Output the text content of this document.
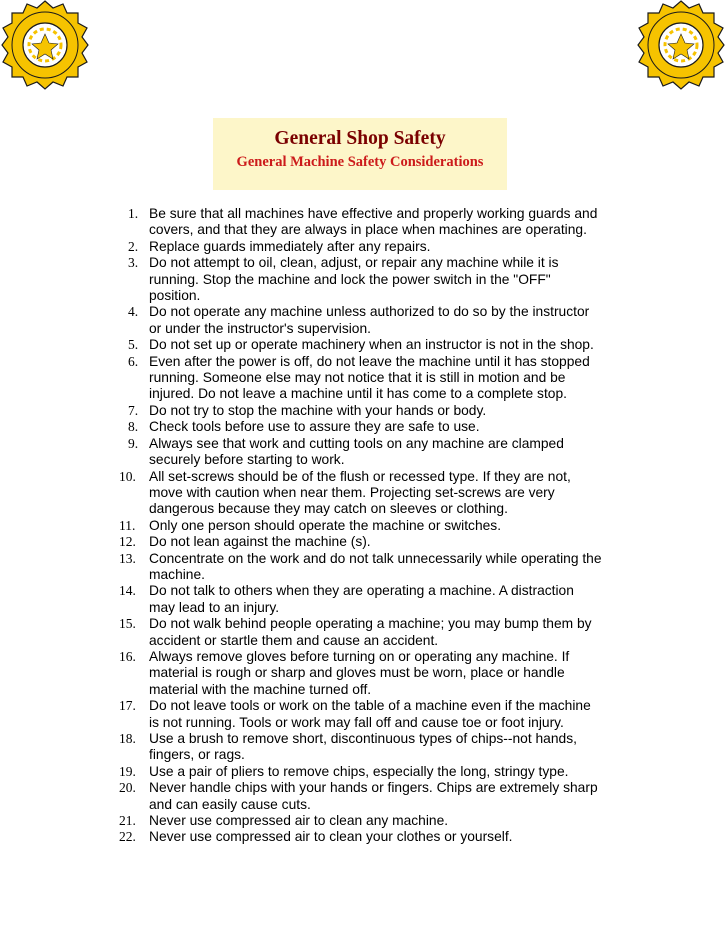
General Shop Safety
General Machine Safety Considerations
1. Be sure that all machines have effective and properly working guards and
covers, and that they are always in place when machines are operating.
2. Replace guards immediately after any repairs.
3. Do not attempt to oil, clean, adjust, or repair any machine while it is
running. Stop the machine and lock the power switch in the "OFF"
position.
4. Do not operate any machine unless authorized to do so by the instructor
or under the instructor's supervision.
5. Do not set up or operate machinery when an instructor is not in the shop.
6. Even after the power is off, do not leave the machine until it has stopped
running. Someone else may not notice that it is still in motion and be
injured. Do not leave a machine until it has come to a complete stop.
7. Do not try to stop the machine with your hands or body.
8. Check tools before use to assure they are safe to use.
9. Always see that work and cutting tools on any machine are clamped
securely before starting to work.
10. All set-screws should be of the flush or recessed type. If they are not,
move with caution when near them. Projecting set-screws are very
dangerous because they may catch on sleeves or clothing.
11. Only one person should operate the machine or switches.
12. Do not lean against the machine (s).
13. Concentrate on the work and do not talk unnecessarily while operating the
machine.
14. Do not talk to others when they are operating a machine. A distraction
may lead to an injury.
15. Do not walk behind people operating a machine; you may bump them by
accident or startle them and cause an accident.
16. Always remove gloves before turning on or operating any machine. If
material is rough or sharp and gloves must be worn, place or handle
material with the machine turned off.
17. Do not leave tools or work on the table of a machine even if the machine
is not running. Tools or work may fall off and cause toe or foot injury.
18. Use a brush to remove short, discontinuous types of chips--not hands,
fingers, or rags.
19. Use a pair of pliers to remove chips, especially the long, stringy type.
20. Never handle chips with your hands or fingers. Chips are extremely sharp
and can easily cause cuts.
21. Never use compressed air to clean any machine.
22. Never use compressed air to clean your clothes or yourself.
